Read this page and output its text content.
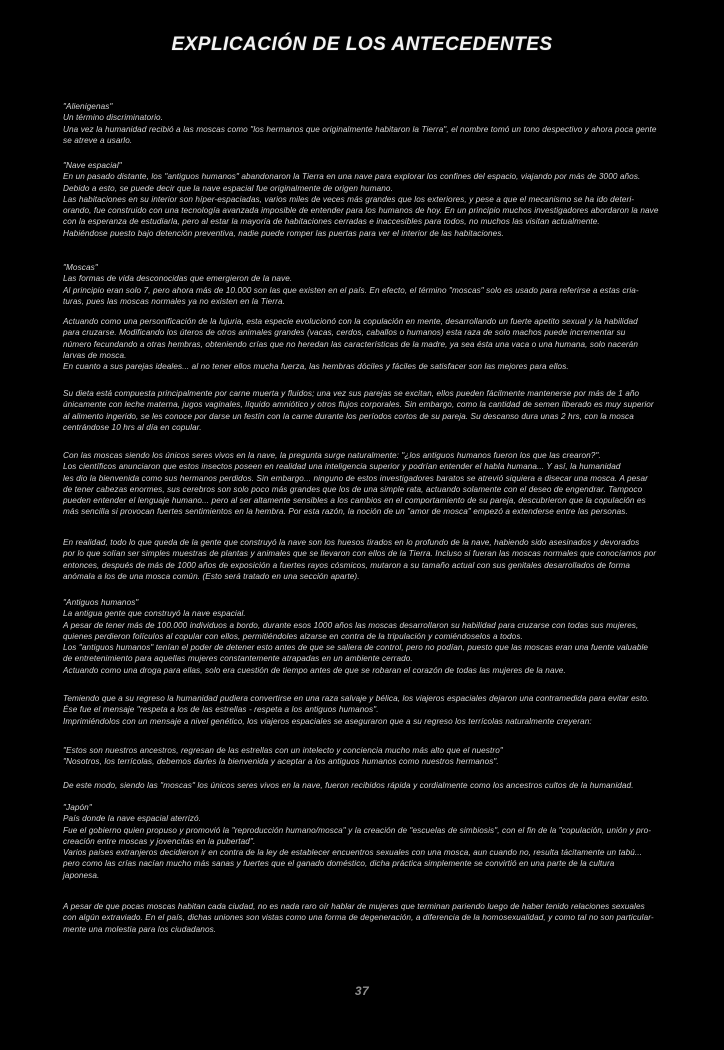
EXPLICACIÓN DE LOS ANTECEDENTES
"Alienigenas"
Un término discriminatorio.
Una vez la humanidad recibió a las moscas como "los hermanos que originalmente habitaron la Tierra", el nombre tomó un tono despectivo y ahora poca gente
se atreve a usarlo.
"Nave espacial"
En un pasado distante, los "antiguos humanos" abandonaron la Tierra en una nave para explorar los confines del espacio, viajando por más de 3000 años.
Debido a esto, se puede decir que la nave espacial fue originalmente de origen humano.
Las habitaciones en su interior son híper-espaciadas, varios miles de veces más grandes que los exteriores, y pese a que el mecanismo se ha ido deteri-
orando, fue construido con una tecnología avanzada imposible de entender para los humanos de hoy. En un principio muchos investigadores abordaron la nave
con la esperanza de estudiarla, pero al estar la mayoría de habitaciones cerradas e inaccesibles para todos, no muchos las visitan actualmente.
Habiéndose puesto bajo detención preventiva, nadie puede romper las puertas para ver el interior de las habitaciones.
"Moscas"
Las formas de vida desconocidas que emergieron de la nave.
Al principio eran solo 7, pero ahora más de 10.000 son las que existen en el país. En efecto, el término "moscas" solo es usado para referirse a estas cria-
turas, pues las moscas normales ya no existen en la Tierra.
Actuando como una personificación de la lujuria, esta especie evolucionó con la copulación en mente, desarrollando un fuerte apetito sexual y la habilidad
para cruzarse. Modificando los úteros de otros animales grandes (vacas, cerdos, caballos o humanos) esta raza de solo machos puede incrementar su
número fecundando a otras hembras, obteniendo crías que no heredan las características de la madre, ya sea ésta una vaca o una humana, solo nacerán
larvas de mosca.
En cuanto a sus parejas ideales... al no tener ellos mucha fuerza, las hembras dóciles y fáciles de satisfacer son las mejores para ellos.
Su dieta está compuesta principalmente por carne muerta y fluidos; una vez sus parejas se excitan, ellos pueden fácilmente mantenerse por más de 1 año
únicamente con leche materna, jugos vaginales, líquido amniótico y otros flujos corporales. Sin embargo, como la cantidad de semen liberado es muy superior
al alimento ingerido, se les conoce por darse un festín con la carne durante los períodos cortos de su pareja. Su descanso dura unas 2 hrs, con la mosca
centrándose 10 hrs al día en copular.
Con las moscas siendo los únicos seres vivos en la nave, la pregunta surge naturalmente: "¿los antiguos humanos fueron los que las crearon?".
Los científicos anunciaron que estos insectos poseen en realidad una inteligencia superior y podrían entender el habla humana... Y así, la humanidad
les dio la bienvenida como sus hermanos perdidos. Sin embargo... ninguno de estos investigadores baratos se atrevió siquiera a disecar una mosca. A pesar
de tener cabezas enormes, sus cerebros son solo poco más grandes que los de una simple rata, actuando solamente con el deseo de engendrar. Tampoco
pueden entender el lenguaje humano... pero al ser altamente sensibles a los cambios en el comportamiento de su pareja, descubrieron que la copulación es
más sencilla si provocan fuertes sentimientos en la hembra. Por esta razón, la noción de un "amor de mosca" empezó a extenderse entre las personas.
En realidad, todo lo que queda de la gente que construyó la nave son los huesos tirados en lo profundo de la nave, habiendo sido asesinados y devorados
por lo que solían ser simples muestras de plantas y animales que se llevaron con ellos de la Tierra. Incluso si fueran las moscas normales que conocíamos por
entonces, después de más de 1000 años de exposición a fuertes rayos cósmicos, mutaron a su tamaño actual con sus genitales desarrollados de forma
anómala a los de una mosca común. (Esto será tratado en una sección aparte).
"Antiguos humanos"
La antigua gente que construyó la nave espacial.
A pesar de tener más de 100.000 individuos a bordo, durante esos 1000 años las moscas desarrollaron su habilidad para cruzarse con todas sus mujeres,
quienes perdieron folículos al copular con ellos, permitiéndoles alzarse en contra de la tripulación y comiéndoselos a todos.
Los "antiguos humanos" tenían el poder de detener esto antes de que se saliera de control, pero no podían, puesto que las moscas eran una fuente valuable
de entretenimiento para aquellas mujeres constantemente atrapadas en un ambiente cerrado.
Actuando como una droga para ellas, solo era cuestión de tiempo antes de que se robaran el corazón de todas las mujeres de la nave.
Temiendo que a su regreso la humanidad pudiera convertirse en una raza salvaje y bélica, los viajeros espaciales dejaron una contramedida para evitar esto.
Ése fue el mensaje "respeta a los de las estrellas - respeta a los antiguos humanos".
Imprimiéndolos con un mensaje a nivel genético, los viajeros espaciales se aseguraron que a su regreso los terrícolas naturalmente creyeran:
"Estos son nuestros ancestros, regresan de las estrellas con un intelecto y conciencia mucho más alto que el nuestro"
"Nosotros, los terrícolas, debemos darles la bienvenida y aceptar a los antiguos humanos como nuestros hermanos".
De este modo, siendo las "moscas" los únicos seres vivos en la nave, fueron recibidos rápida y cordialmente como los ancestros cultos de la humanidad.
"Japón"
País donde la nave espacial aterrizó.
Fue el gobierno quien propuso y promovió la "reproducción humano/mosca" y la creación de "escuelas de simbiosis", con el fin de la "copulación, unión y pro-
creación entre moscas y jovencitas en la pubertad".
Varios países extranjeros decidieron ir en contra de la ley de establecer encuentros sexuales con una mosca, aun cuando no, resulta tácitamente un tabú...
pero como las crías nacían mucho más sanas y fuertes que el ganado doméstico, dicha práctica simplemente se convirtió en una parte de la cultura
japonesa.
A pesar de que pocas moscas habitan cada ciudad, no es nada raro oír hablar de mujeres que terminan pariendo luego de haber tenido relaciones sexuales
con algún extraviado. En el país, dichas uniones son vistas como una forma de degeneración, a diferencia de la homosexualidad, y como tal no son particular-
mente una molestia para los ciudadanos.
37
